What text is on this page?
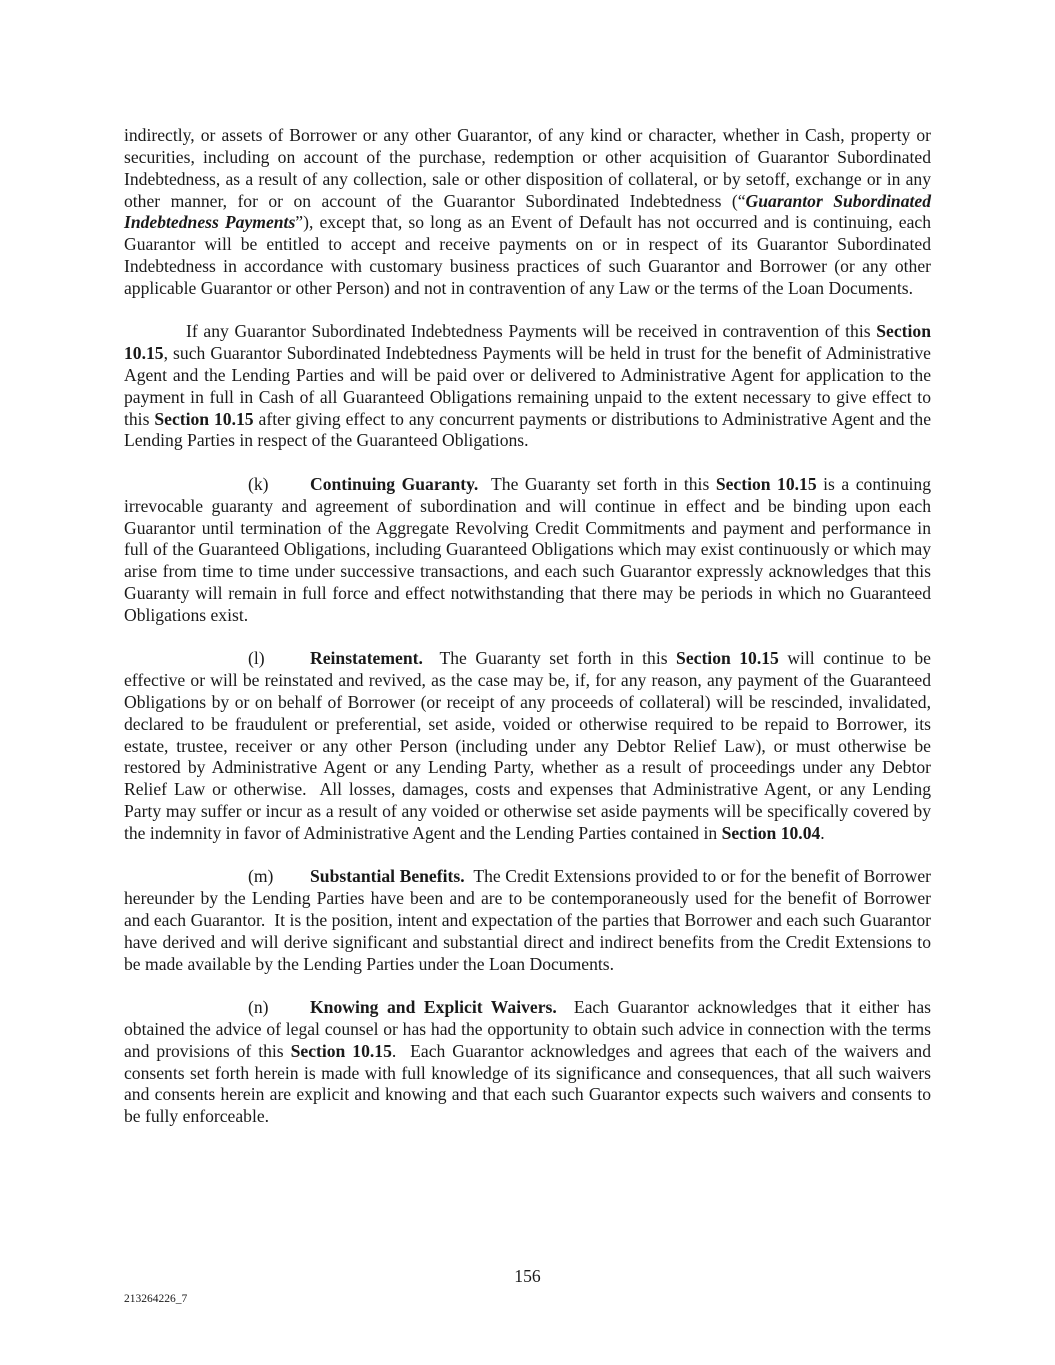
indirectly, or assets of Borrower or any other Guarantor, of any kind or character, whether in Cash, property or securities, including on account of the purchase, redemption or other acquisition of Guarantor Subordinated Indebtedness, as a result of any collection, sale or other disposition of collateral, or by setoff, exchange or in any other manner, for or on account of the Guarantor Subordinated Indebtedness (“Guarantor Subordinated Indebtedness Payments”), except that, so long as an Event of Default has not occurred and is continuing, each Guarantor will be entitled to accept and receive payments on or in respect of its Guarantor Subordinated Indebtedness in accordance with customary business practices of such Guarantor and Borrower (or any other applicable Guarantor or other Person) and not in contravention of any Law or the terms of the Loan Documents.

If any Guarantor Subordinated Indebtedness Payments will be received in contravention of this Section 10.15, such Guarantor Subordinated Indebtedness Payments will be held in trust for the benefit of Administrative Agent and the Lending Parties and will be paid over or delivered to Administrative Agent for application to the payment in full in Cash of all Guaranteed Obligations remaining unpaid to the extent necessary to give effect to this Section 10.15 after giving effect to any concurrent payments or distributions to Administrative Agent and the Lending Parties in respect of the Guaranteed Obligations.

(k) Continuing Guaranty.  The Guaranty set forth in this Section 10.15 is a continuing irrevocable guaranty and agreement of subordination and will continue in effect and be binding upon each Guarantor until termination of the Aggregate Revolving Credit Commitments and payment and performance in full of the Guaranteed Obligations, including Guaranteed Obligations which may exist continuously or which may arise from time to time under successive transactions, and each such Guarantor expressly acknowledges that this Guaranty will remain in full force and effect notwithstanding that there may be periods in which no Guaranteed Obligations exist.

(l)	Reinstatement.  The Guaranty set forth in this Section 10.15 will continue to be effective or will be reinstated and revived, as the case may be, if, for any reason, any payment of the Guaranteed Obligations by or on behalf of Borrower (or receipt of any proceeds of collateral) will be rescinded, invalidated, declared to be fraudulent or preferential, set aside, voided or otherwise required to be repaid to Borrower, its estate, trustee, receiver or any other Person (including under any Debtor Relief Law), or must otherwise be restored by Administrative Agent or any Lending Party, whether as a result of proceedings under any Debtor Relief Law or otherwise.  All losses, damages, costs and expenses that Administrative Agent, or any Lending Party may suffer or incur as a result of any voided or otherwise set aside payments will be specifically covered by the indemnity in favor of Administrative Agent and the Lending Parties contained in Section 10.04.

(m) Substantial Benefits.  The Credit Extensions provided to or for the benefit of Borrower hereunder by the Lending Parties have been and are to be contemporaneously used for the benefit of Borrower and each Guarantor.  It is the position, intent and expectation of the parties that Borrower and each such Guarantor have derived and will derive significant and substantial direct and indirect benefits from the Credit Extensions to be made available by the Lending Parties under the Loan Documents.

(n) Knowing and Explicit Waivers.  Each Guarantor acknowledges that it either has obtained the advice of legal counsel or has had the opportunity to obtain such advice in connection with the terms and provisions of this Section 10.15.  Each Guarantor acknowledges and agrees that each of the waivers and consents set forth herein is made with full knowledge of its significance and consequences, that all such waivers and consents herein are explicit and knowing and that each such Guarantor expects such waivers and consents to be fully enforceable.

156
213264226_7
